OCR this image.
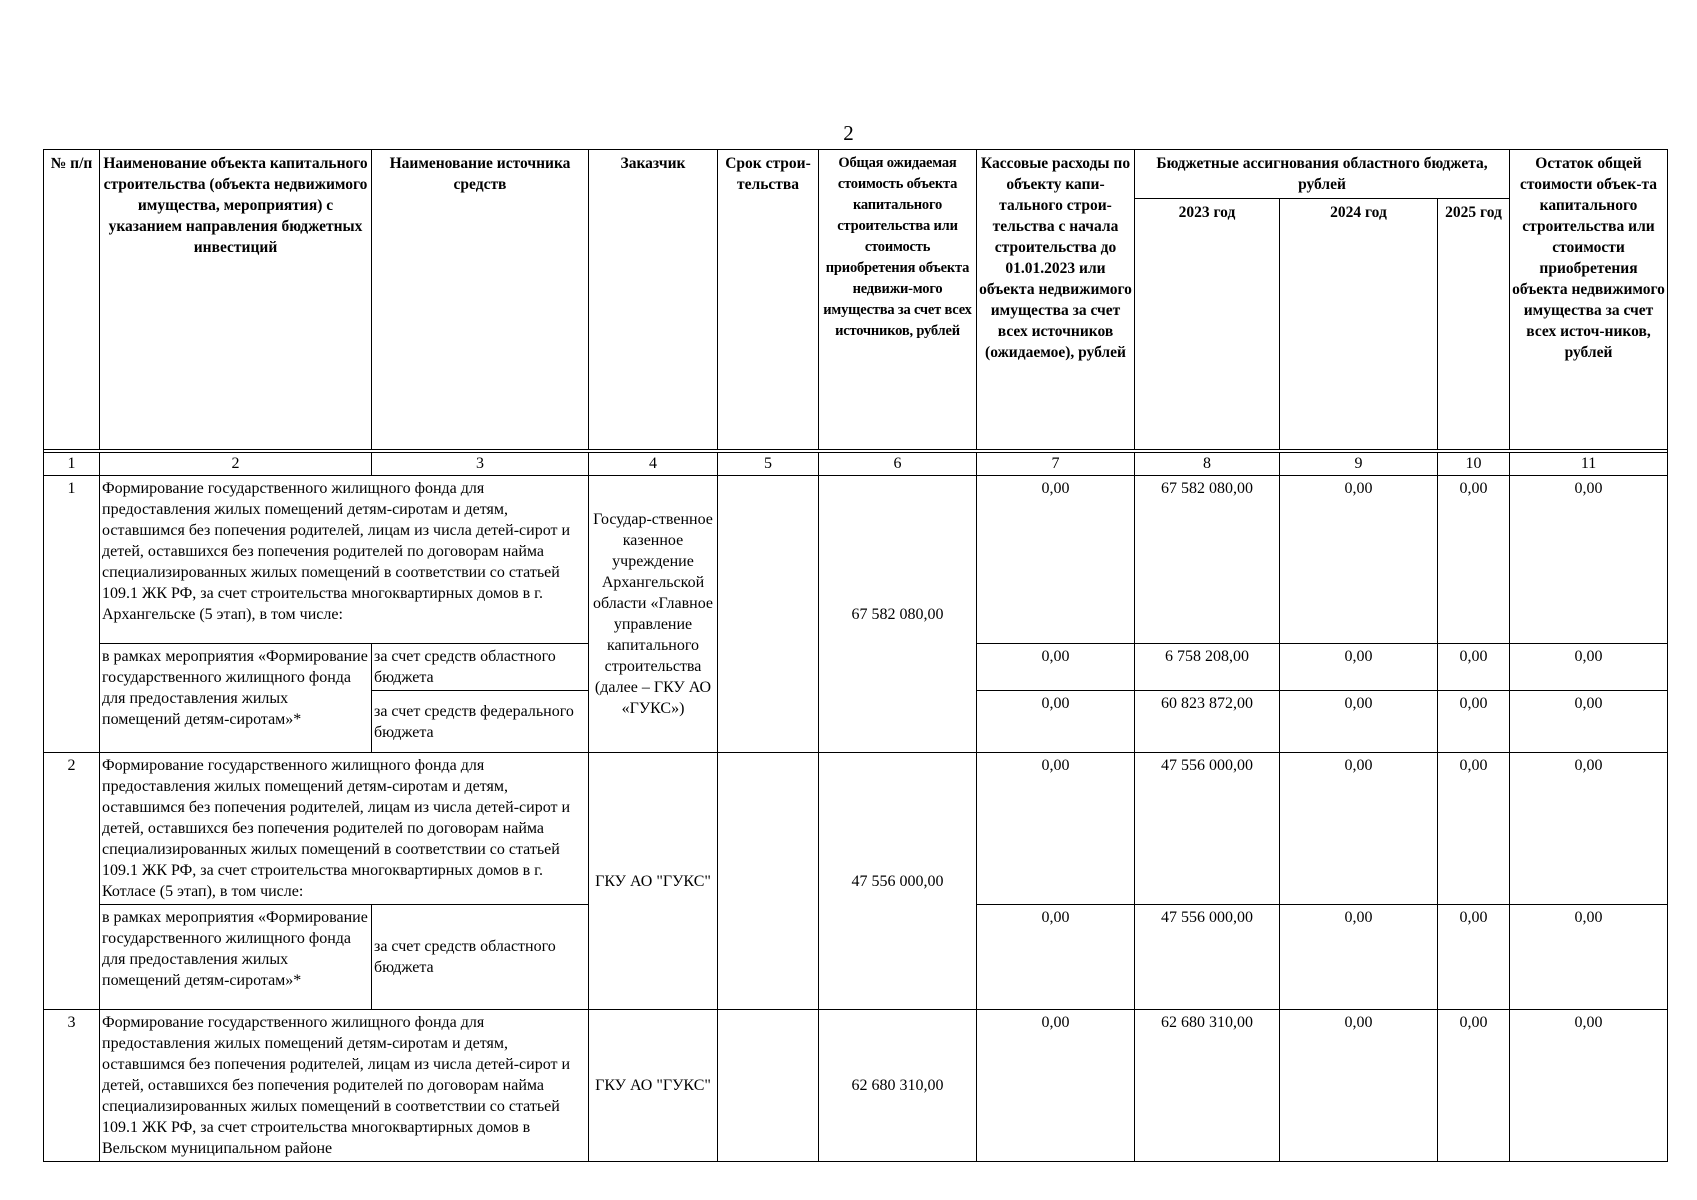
2
№ п/п	Наименование объекта капитального строительства (объекта недвижимого имущества, мероприятия) с указанием направления бюджетных инвестиций	Наименование источника средств	Заказчик	Срок строи-тельства	Общая ожидаемая стоимость объекта капитального строительства или стоимость приобретения объекта недвижи-мого имущества за счет всех источников, рублей	Кассовые расходы по объекту капи-тального строи-тельства с начала строительства до 01.01.2023 или объекта недвижимого имущества за счет всех источников (ожидаемое), рублей	Бюджетные ассигнования областного бюджета, рублей			Остаток общей стоимости объек-та капитального строительства или стоимости приобретения объекта недвижимого имущества за счет всех источ-ников, рублей
							2023 год	2024 год	2025 год	

1	2	3	4	5	6	7	8	9	10	11
1	Формирование государственного жилищного фонда для предоставления жилых помещений детям-сиротам и детям, оставшимся без попечения родителей, лицам из числа детей-сирот и детей, оставшихся без попечения родителей по договорам найма специализированных жилых помещений в соответствии со статьей 109.1 ЖК РФ, за счет строительства многоквартирных домов в г. Архангельске (5 этап), в том числе:		Государ-ственное казенное учреждение Архангельской области «Главное управление капитального строительства (далее – ГКУ АО «ГУКС»)		67 582 080,00	0,00	67 582 080,00	0,00	0,00	0,00
	в рамках мероприятия «Формирование государственного жилищного фонда для предоставления жилых помещений детям-сиротам»*	за счет средств областного бюджета				0,00	6 758 208,00	0,00	0,00	0,00
		за счет средств федерального бюджета				0,00	60 823 872,00	0,00	0,00	0,00
2	Формирование государственного жилищного фонда для предоставления жилых помещений детям-сиротам и детям, оставшимся без попечения родителей, лицам из числа детей-сирот и детей, оставшихся без попечения родителей по договорам найма специализированных жилых помещений в соответствии со статьей 109.1 ЖК РФ, за счет строительства многоквартирных домов в г. Котласе (5 этап), в том числе:		ГКУ АО "ГУКС"		47 556 000,00	0,00	47 556 000,00	0,00	0,00	0,00
	в рамках мероприятия «Формирование государственного жилищного фонда для предоставления жилых помещений детям-сиротам»*	за счет средств областного бюджета				0,00	47 556 000,00	0,00	0,00	0,00
3	Формирование государственного жилищного фонда для предоставления жилых помещений детям-сиротам и детям, оставшимся без попечения родителей, лицам из числа детей-сирот и детей, оставшихся без попечения родителей по договорам найма специализированных жилых помещений в соответствии со статьей 109.1 ЖК РФ, за счет строительства многоквартирных домов в Вельском муниципальном районе		ГКУ АО "ГУКС"		62 680 310,00	0,00	62 680 310,00	0,00	0,00	0,00
